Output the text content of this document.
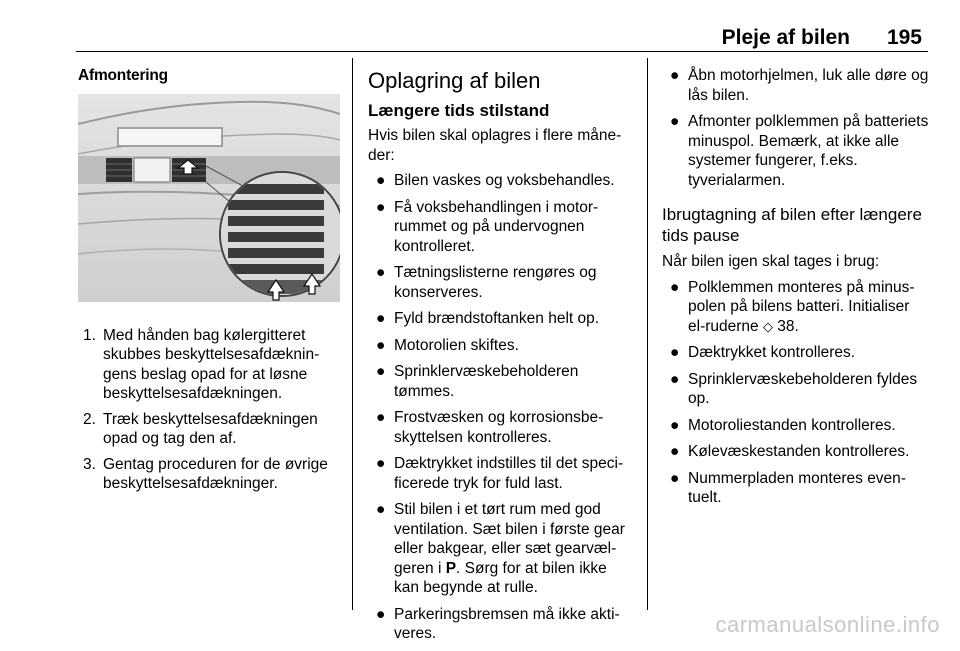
Pleje af bilen	195
Afmontering
1. Med hånden bag kølergitteret skubbes beskyttelsesafdækningens beslag opad for at løsne beskyttelsesafdækningen.
2. Træk beskyttelsesafdækningen opad og tag den af.
3. Gentag proceduren for de øvrige beskyttelsesafdækninger.
Oplagring af bilen
Længere tids stilstand

Hvis bilen skal oplagres i flere måneder:

● Bilen vaskes og voksbehandles.
● Få voksbehandlingen i motorrummet og på undervognen kontrolleret.
● Tætningslisterne rengøres og konserveres.
● Fyld brændstoftanken helt op.
● Motorolien skiftes.
● Sprinklervæskebeholderen tømmes.
● Frostvæsken og korrosionsbeskyttelsen kontrolleres.
● Dæktrykket indstilles til det specificerede tryk for fuld last.
● Stil bilen i et tørt rum med god ventilation. Sæt bilen i første gear eller bakgear, eller sæt gearvælgeren i P. Sørg for at bilen ikke kan begynde at rulle.
● Parkeringsbremsen må ikke aktiveres.
● Åbn motorhjelmen, luk alle døre og lås bilen.
● Afmonter polklemmen på batteriets minuspol. Bemærk, at ikke alle systemer fungerer, f.eks. tyverialarmen.
Ibrugtagning af bilen efter længere tids pause

Når bilen igen skal tages i brug:

● Polklemmen monteres på minuspolen på bilens batteri. Initialiser el-ruderne ◇ 38.
● Dæktrykket kontrolleres.
● Sprinklervæskebeholderen fyldes op.
● Motoroliestanden kontrolleres.
● Kølevæskestanden kontrolleres.
● Nummerpladen monteres eventuelt.
carmanualsonline.info
